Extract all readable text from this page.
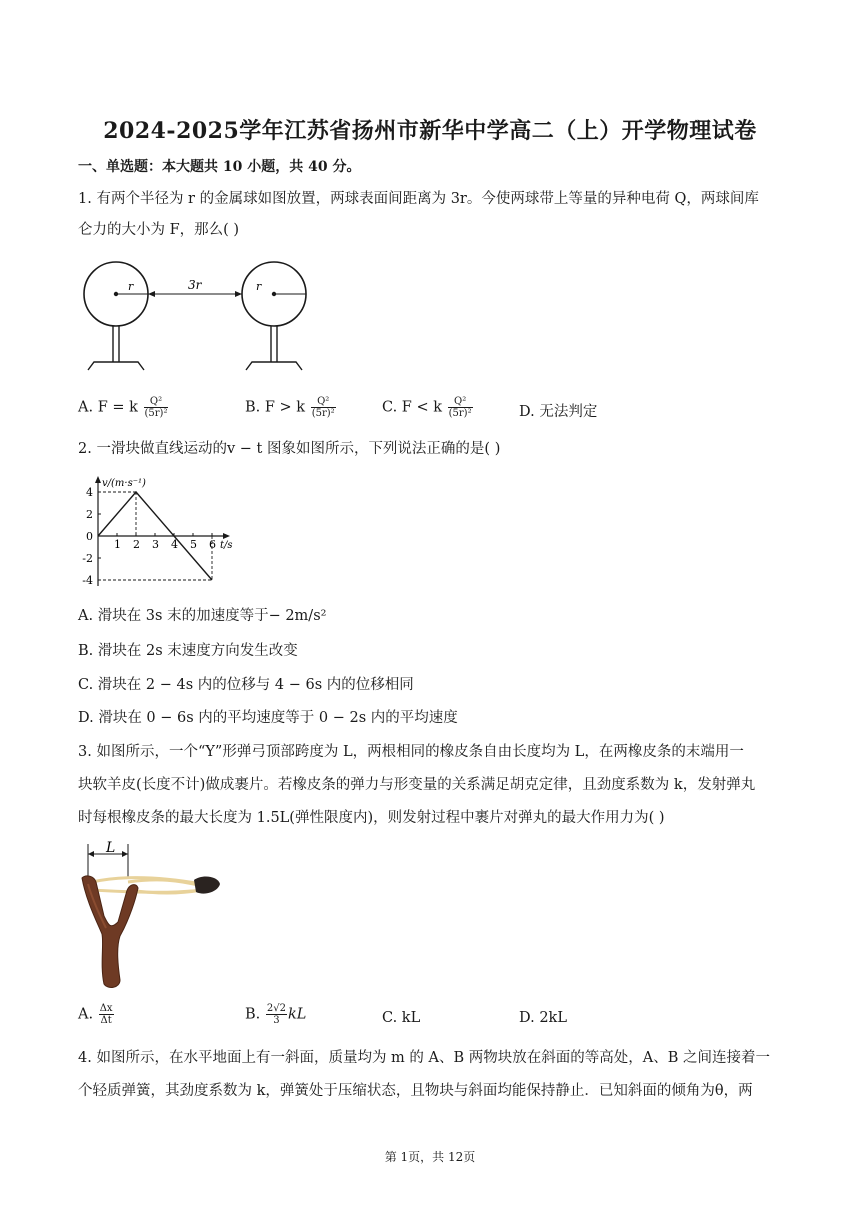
2024-2025学年江苏省扬州市新华中学高二（上）开学物理试卷
一、单选题：本大题共 10 小题，共 40 分。
1. 有两个半径为 r 的金属球如图放置，两球表面间距离为 3r。今使两球带上等量的异种电荷 Q，两球间库
仑力的大小为 F，那么( )
r	3r	r
A. F = k $\frac{\text{Q²}}{\text{(5r)²}}$	B. F > k $\frac{\text{Q²}}{\text{(5r)²}}$	C. F < k $\frac{\text{Q²}}{\text{(5r)²}}$	D. 无法判定
2. 一滑块做直线运动的v − t 图象如图所示，下列说法正确的是( )
v/(m·s⁻¹)
t/s
4
2
0
-2
-4
1 2 3 4 5 6
A. 滑块在 3s 末的加速度等于− 2m/s²
B. 滑块在 2s 末速度方向发生改变
C. 滑块在 2 − 4s 内的位移与 4 − 6s 内的位移相同
D. 滑块在 0 − 6s 内的平均速度等于 0 − 2s 内的平均速度
3. 如图所示，一个“Y”形弹弓顶部跨度为 L，两根相同的橡皮条自由长度均为 L，在两橡皮条的末端用一
块软羊皮(长度不计)做成裹片。若橡皮条的弹力与形变量的关系满足胡克定律，且劲度系数为 k，发射弹丸
时每根橡皮条的最大长度为 1.5L(弹性限度内)，则发射过程中裹片对弹丸的最大作用力为( )
L
A. $\frac{\Delta x}{\Delta t}$	B. $\frac{2√2}{3}$ kL	C. kL	D. 2kL
4. 如图所示，在水平地面上有一斜面，质量均为 m 的 A、B 两物块放在斜面的等高处，A、B 之间连接着一
个轻质弹簧，其劲度系数为 k，弹簧处于压缩状态，且物块与斜面均能保持静止．已知斜面的倾角为θ，两
第 1页，共 12页
